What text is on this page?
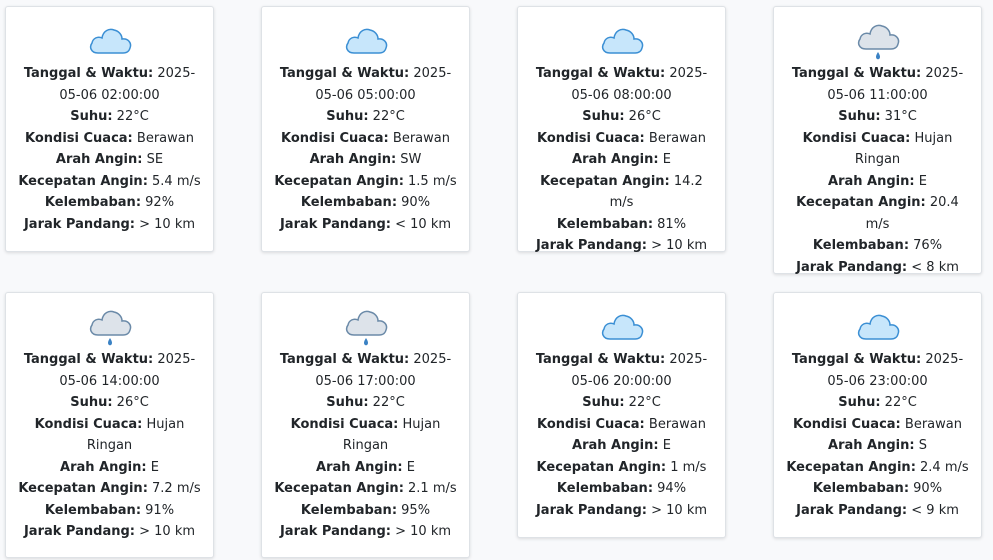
Tanggal & Waktu: 2025-05-06 02:00:00
Suhu: 22°C
Kondisi Cuaca: Berawan
Arah Angin: SE
Kecepatan Angin: 5.4 m/s
Kelembaban: 92%
Jarak Pandang: > 10 km
Tanggal & Waktu: 2025-05-06 05:00:00
Suhu: 22°C
Kondisi Cuaca: Berawan
Arah Angin: SW
Kecepatan Angin: 1.5 m/s
Kelembaban: 90%
Jarak Pandang: < 10 km
Tanggal & Waktu: 2025-05-06 08:00:00
Suhu: 26°C
Kondisi Cuaca: Berawan
Arah Angin: E
Kecepatan Angin: 14.2 m/s
Kelembaban: 81%
Jarak Pandang: > 10 km
Tanggal & Waktu: 2025-05-06 11:00:00
Suhu: 31°C
Kondisi Cuaca: Hujan Ringan
Arah Angin: E
Kecepatan Angin: 20.4 m/s
Kelembaban: 76%
Jarak Pandang: < 8 km
Tanggal & Waktu: 2025-05-06 14:00:00
Suhu: 26°C
Kondisi Cuaca: Hujan Ringan
Arah Angin: E
Kecepatan Angin: 7.2 m/s
Kelembaban: 91%
Jarak Pandang: > 10 km
Tanggal & Waktu: 2025-05-06 17:00:00
Suhu: 22°C
Kondisi Cuaca: Hujan Ringan
Arah Angin: E
Kecepatan Angin: 2.1 m/s
Kelembaban: 95%
Jarak Pandang: > 10 km
Tanggal & Waktu: 2025-05-06 20:00:00
Suhu: 22°C
Kondisi Cuaca: Berawan
Arah Angin: E
Kecepatan Angin: 1 m/s
Kelembaban: 94%
Jarak Pandang: > 10 km
Tanggal & Waktu: 2025-05-06 23:00:00
Suhu: 22°C
Kondisi Cuaca: Berawan
Arah Angin: S
Kecepatan Angin: 2.4 m/s
Kelembaban: 90%
Jarak Pandang: < 9 km
